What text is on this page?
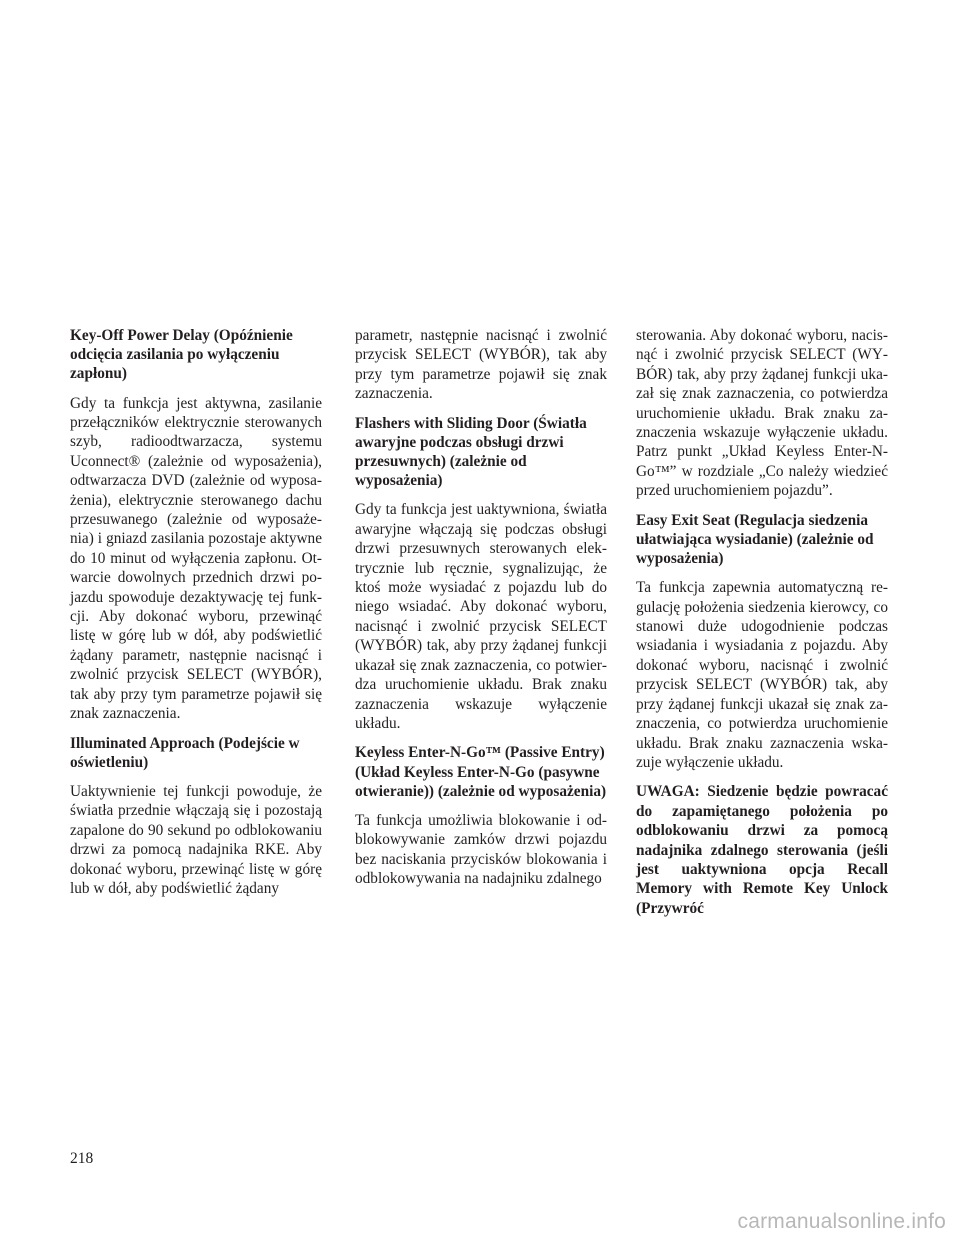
Key-Off Power Delay (Opóźnienie odcięcia zasilania po wyłączeniu zapłonu)

Gdy ta funkcja jest aktywna, zasilanie przełączników elektrycznie sterowanych szyb, radioodtwarzacza, systemu Uconnect® (zależnie od wyposażenia), odtwarzacza DVD (zależnie od wyposażenia), elektrycznie sterowanego dachu przesuwanego (zależnie od wyposażenia) i gniazd zasilania pozostaje aktywne do 10 minut od wyłączenia zapłonu. Otwarcie dowolnych przednich drzwi pojazdu spowoduje dezaktywację tej funkcji. Aby dokonać wyboru, przewinąć listę w górę lub w dół, aby podświetlić żądany parametr, następnie nacisnąć i zwolnić przycisk SELECT (WYBÓR), tak aby przy tym parametrze pojawił się znak zaznaczenia.

Illuminated Approach (Podejście w oświetleniu)

Uaktywnienie tej funkcji powoduje, że światła przednie włączają się i pozostają zapalone do 90 sekund po odblokowaniu drzwi za pomocą nadajnika RKE. Aby dokonać wyboru, przewinąć listę w górę lub w dół, aby podświetlić żądany

parametr, następnie nacisnąć i zwolnić przycisk SELECT (WYBÓR), tak aby przy tym parametrze pojawił się znak zaznaczenia.

Flashers with Sliding Door (Światła awaryjne podczas obsługi drzwi przesuwnych) (zależnie od wyposażenia)

Gdy ta funkcja jest uaktywniona, światła awaryjne włączają się podczas obsługi drzwi przesuwnych sterowanych elektrycznie lub ręcznie, sygnalizując, że ktoś może wysiadać z pojazdu lub do niego wsiadać. Aby dokonać wyboru, nacisnąć i zwolnić przycisk SELECT (WYBÓR) tak, aby przy żądanej funkcji ukazał się znak zaznaczenia, co potwierdza uruchomienie układu. Brak znaku zaznaczenia wskazuje wyłączenie układu.

Keyless Enter-N-Go™ (Passive Entry) (Układ Keyless Enter-N-Go (pasywne otwieranie)) (zależnie od wyposażenia)

Ta funkcja umożliwia blokowanie i odblokowywanie zamków drzwi pojazdu bez naciskania przycisków blokowania i odblokowywania na nadajniku zdalnego

sterowania. Aby dokonać wyboru, nacisnąć i zwolnić przycisk SELECT (WYBÓR) tak, aby przy żądanej funkcji ukazał się znak zaznaczenia, co potwierdza uruchomienie układu. Brak znaku zaznaczenia wskazuje wyłączenie układu. Patrz punkt „Układ Keyless Enter-N-Go™” w rozdziale „Co należy wiedzieć przed uruchomieniem pojazdu”.

Easy Exit Seat (Regulacja siedzenia ułatwiająca wysiadanie) (zależnie od wyposażenia)

Ta funkcja zapewnia automatyczną regulację położenia siedzenia kierowcy, co stanowi duże udogodnienie podczas wsiadania i wysiadania z pojazdu. Aby dokonać wyboru, nacisnąć i zwolnić przycisk SELECT (WYBÓR) tak, aby przy żądanej funkcji ukazał się znak zaznaczenia, co potwierdza uruchomienie układu. Brak znaku zaznaczenia wskazuje wyłączenie układu.

UWAGA: Siedzenie będzie powracać do zapamiętanego położenia po odblokowaniu drzwi za pomocą nadajnika zdalnego sterowania (jeśli jest uaktywniona opcja Recall Memory with Remote Key Unlock (Przywróć

218
carmanualsonline.info
